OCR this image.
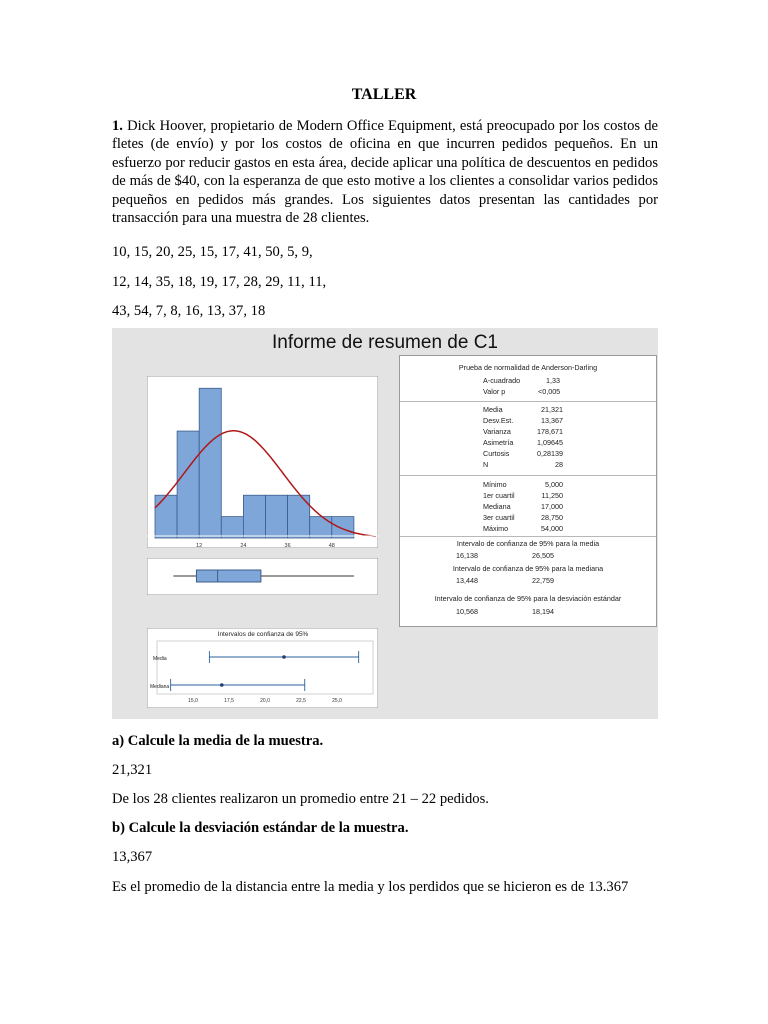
TALLER
1. Dick Hoover, propietario de Modern Office Equipment, está preocupado por los costos de fletes (de envío) y por los costos de oficina en que incurren pedidos pequeños. En un esfuerzo por reducir gastos en esta área, decide aplicar una política de descuentos en pedidos de más de $40, con la esperanza de que esto motive a los clientes a consolidar varios pedidos pequeños en pedidos más grandes. Los siguientes datos presentan las cantidades por transacción para una muestra de 28 clientes.
10, 15, 20, 25, 15, 17, 41, 50, 5, 9,
12, 14, 35, 18, 19, 17, 28, 29, 11, 11,
43, 54, 7, 8, 16, 13, 37, 18
Informe de resumen de C1
12	24	36	48
Intervalos de confianza de 95%
Media
Mediana
15,0	17,5	20,0	22,5	25,0
Prueba de normalidad de Anderson-Darling
A-cuadrado	1,33
Valor p	<0,005
Media	21,321
Desv.Est.	13,367
Varianza	178,671
Asimetría	1,09645
Curtosis	0,28139
N	28
Mínimo	5,000
1er cuartil	11,250
Mediana	17,000
3er cuartil	28,750
Máximo	54,000
Intervalo de confianza de 95% para la media
16,138	26,505
Intervalo de confianza de 95% para la mediana
13,448	22,759
Intervalo de confianza de 95% para la desviación estándar
10,568	18,194
a) Calcule la media de la muestra.
21,321
De los 28 clientes realizaron un promedio entre 21 – 22 pedidos.
b) Calcule la desviación estándar de la muestra.
13,367
Es el promedio de la distancia entre la media y los perdidos que se hicieron es de 13.367
